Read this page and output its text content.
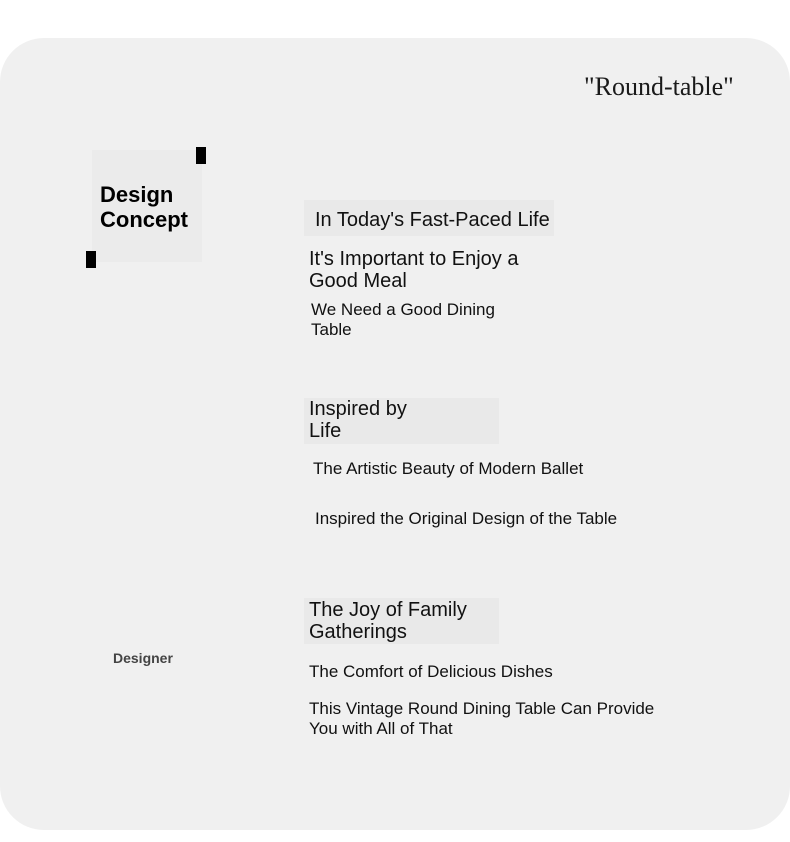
"Round-table"
Design
Concept
Designer
In Today's Fast-Paced Life
It's Important to Enjoy a
Good Meal
We Need a Good Dining
Table
Inspired by
Life
The Artistic Beauty of Modern Ballet
Inspired the Original Design of the Table
The Joy of Family
Gatherings
The Comfort of Delicious Dishes
This Vintage Round Dining Table Can Provide
You with All of That
